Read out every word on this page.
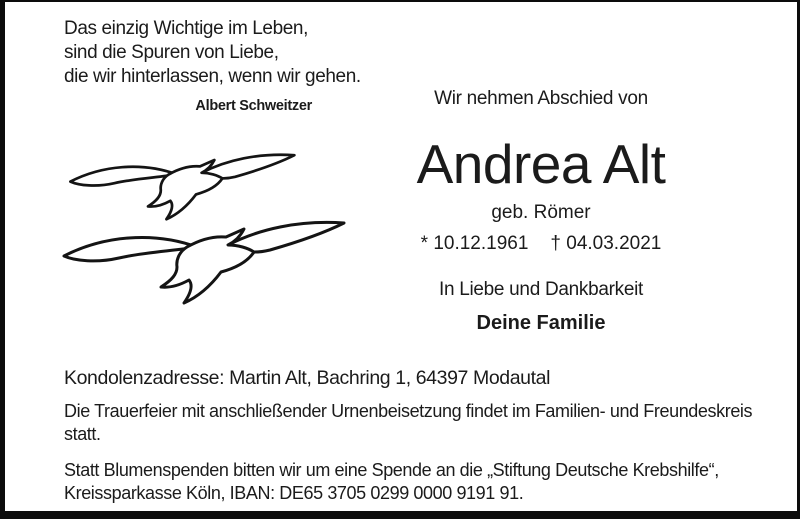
Das einzig Wichtige im Leben,
sind die Spuren von Liebe,
die wir hinterlassen, wenn wir gehen.
Albert Schweitzer	Wir nehmen Abschied von
Andrea Alt
geb. Römer
* 10.12.1961 † 04.03.2021
In Liebe und Dankbarkeit
Deine Familie
Kondolenzadresse: Martin Alt, Bachring 1, 64397 Modautal
Die Trauerfeier mit anschließender Urnenbeisetzung findet im Familien- und Freundeskreis
statt.
Statt Blumenspenden bitten wir um eine Spende an die „Stiftung Deutsche Krebshilfe“,
Kreissparkasse Köln, IBAN: DE65 3705 0299 0000 9191 91.
